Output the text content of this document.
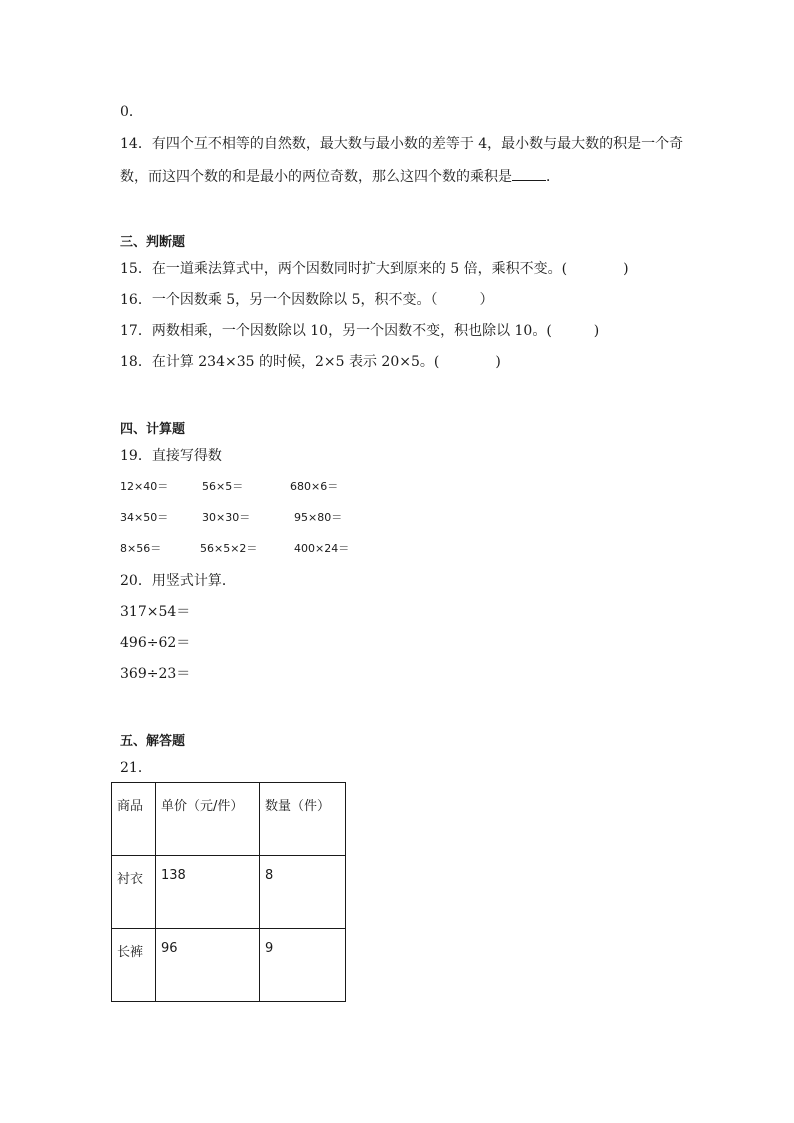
0．
14．有四个互不相等的自然数，最大数与最小数的差等于 4，最小数与最大数的积是一个奇
数，而这四个数的和是最小的两位奇数，那么这四个数的乘积是 ．
三、判断题
15．在一道乘法算式中，两个因数同时扩大到原来的 5 倍，乘积不变。(　　　　)
16．一个因数乘 5，另一个因数除以 5，积不变。（　　　）
17．两数相乘，一个因数除以 10，另一个因数不变，积也除以 10。(　　　)
18．在计算 234×35 的时候，2×5 表示 20×5。(　　　　)
四、计算题
19．直接写得数
12×40＝	56×5＝	680×6＝
34×50＝	30×30＝	95×80＝
8×56＝	56×5×2＝	400×24＝
20．用竖式计算．
317×54＝
496÷62＝
369÷23＝
五、解答题
21．
商品	单价（元/件）	数量（件）
衬衣	138	8
长裤	96	9
